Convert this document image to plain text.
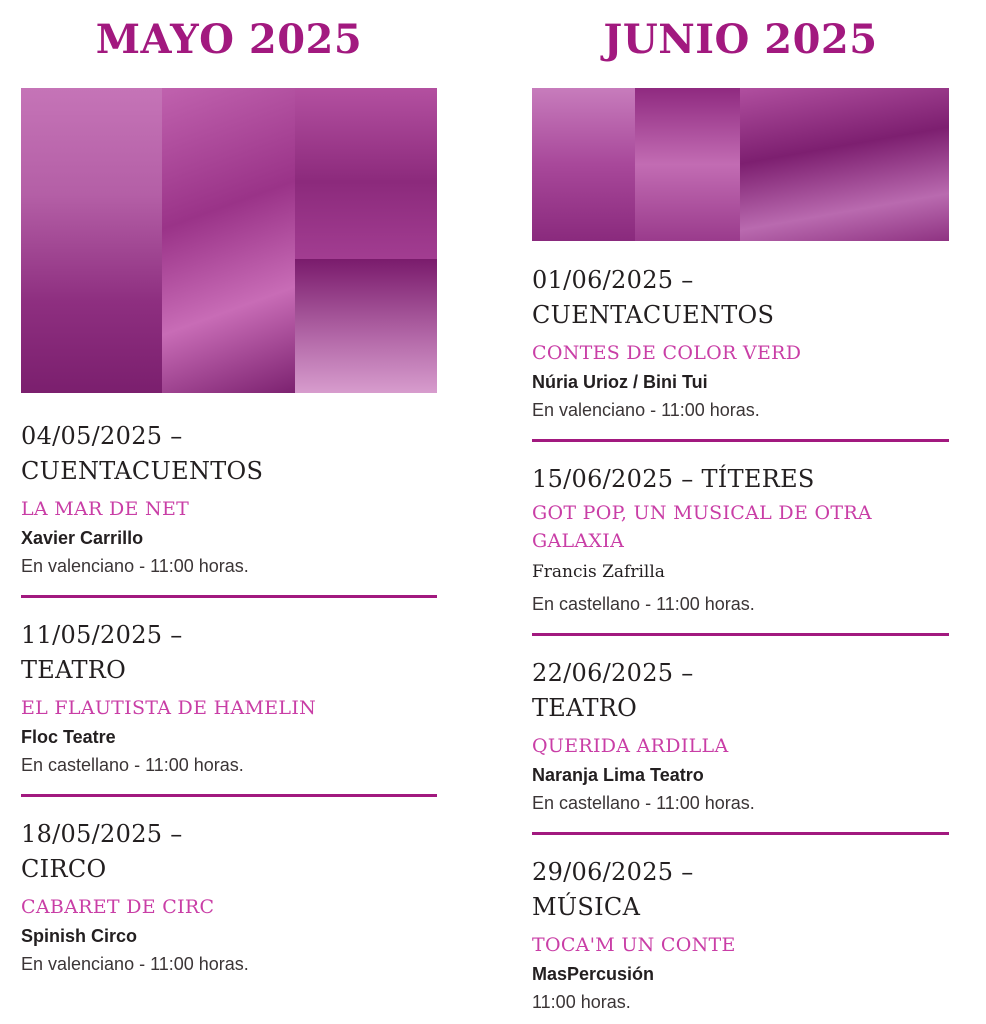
MAYO 2025
04/05/2025 –
CUENTACUENTOS
LA MAR DE NET
Xavier Carrillo
En valenciano - 11:00 horas.
11/05/2025 –
TEATRO
EL FLAUTISTA DE HAMELIN
Floc Teatre
En castellano - 11:00 horas.
18/05/2025 –
CIRCO
CABARET DE CIRC
Spinish Circo
En valenciano - 11:00 horas.
JUNIO 2025
01/06/2025 –
CUENTACUENTOS
CONTES DE COLOR VERD
Núria Urioz / Bini Tui
En valenciano - 11:00 horas.
15/06/2025 – TÍTERES
GOT POP, UN MUSICAL DE OTRA
GALAXIA
Francis Zafrilla
En castellano - 11:00 horas.
22/06/2025 –
TEATRO
QUERIDA ARDILLA
Naranja Lima Teatro
En castellano - 11:00 horas.
29/06/2025 –
MÚSICA
TOCA'M UN CONTE
MasPercusión
11:00 horas.
